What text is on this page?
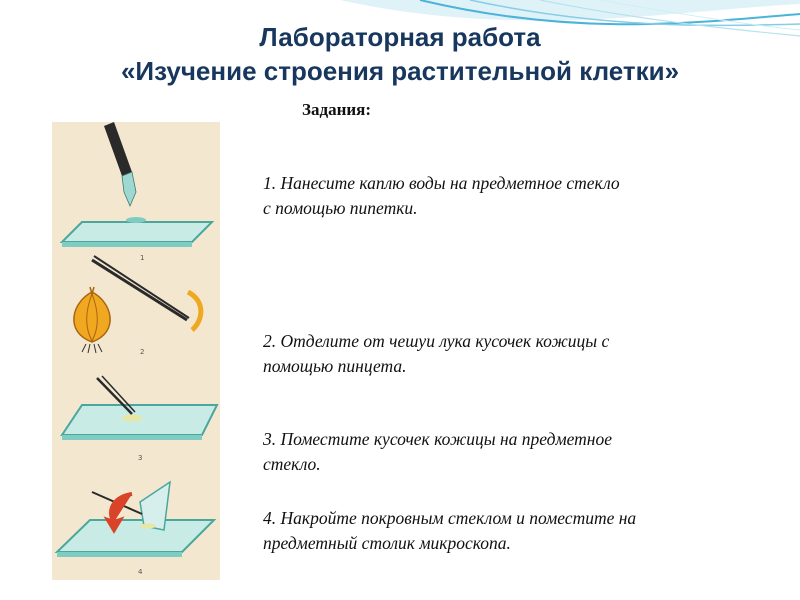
Лабораторная работа
«Изучение строения растительной клетки»
Задания:
1
2
3
4
1. Нанесите каплю воды на предметное стекло
с помощью пипетки.
2. Отделите от чешуи лука кусочек кожицы с
помощью пинцета.
3. Поместите кусочек кожицы на предметное
стекло.
4. Накройте покровным стеклом и поместите на
предметный столик микроскопа.
